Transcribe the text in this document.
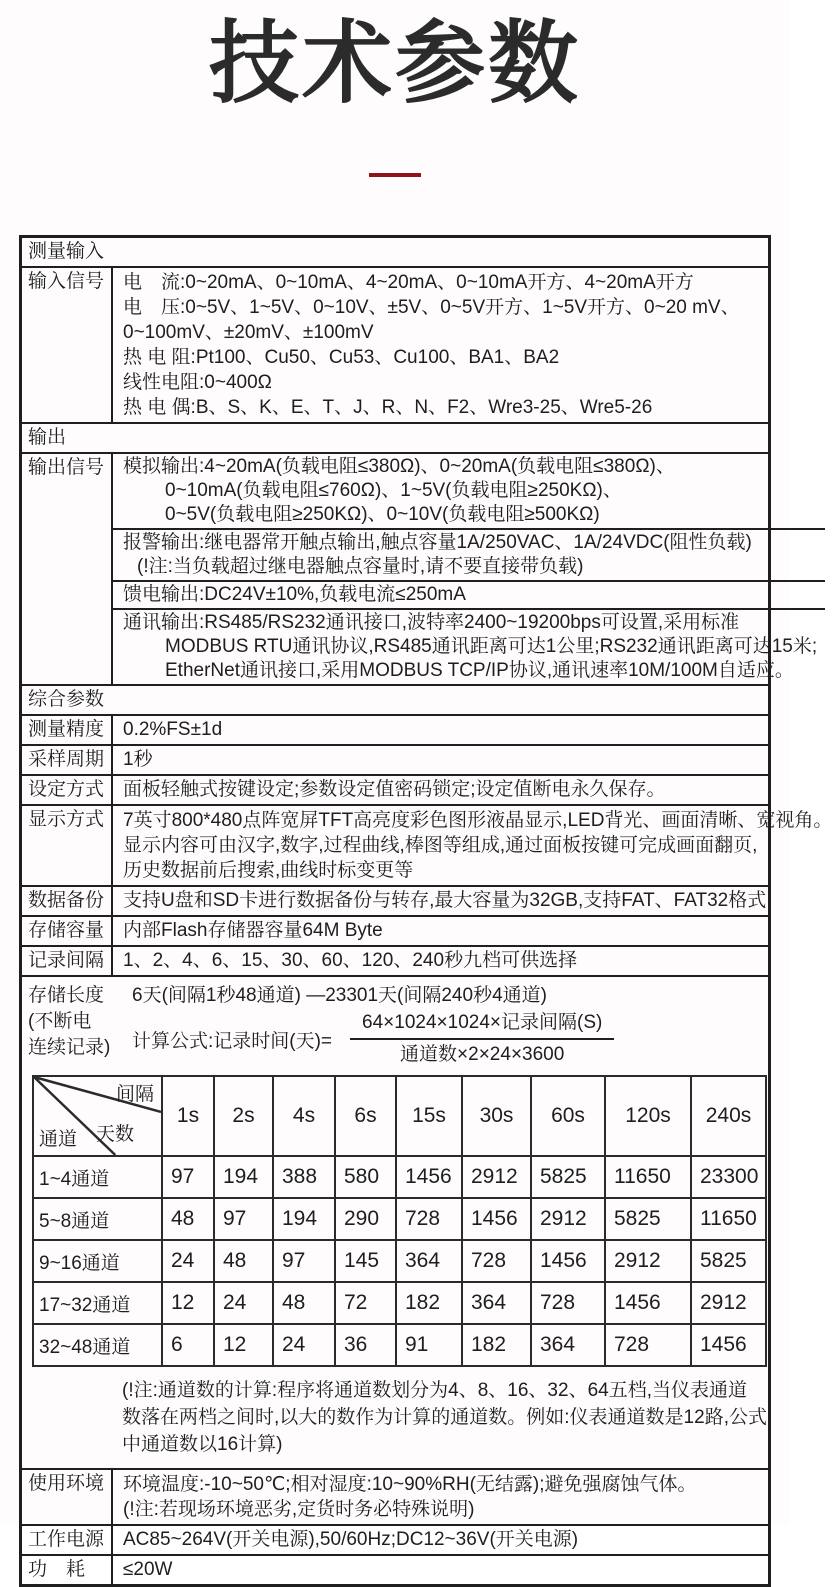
技术参数
测量输入
输入信号 电　流:0~20mA、0~10mA、4~20mA、0~10mA开方、4~20mA开方
电　压:0~5V、1~5V、0~10V、±5V、0~5V开方、1~5V开方、0~20 mV、
0~100mV、±20mV、±100mV
热 电 阻:Pt100、Cu50、Cu53、Cu100、BA1、BA2
线性电阻:0~400Ω
热 电 偶:B、S、K、E、T、J、R、N、F2、Wre3-25、Wre5-26
输出
输出信号 模拟输出:4~20mA(负载电阻≤380Ω)、0~20mA(负载电阻≤380Ω)、
0~10mA(负载电阻≤760Ω)、1~5V(负载电阻≥250KΩ)、
0~5V(负载电阻≥250KΩ)、0~10V(负载电阻≥500KΩ)
报警输出:继电器常开触点输出,触点容量1A/250VAC、1A/24VDC(阻性负载)
(!注:当负载超过继电器触点容量时,请不要直接带负载)
馈电输出:DC24V±10%,负载电流≤250mA
通讯输出:RS485/RS232通讯接口,波特率2400~19200bps可设置,采用标准
MODBUS RTU通讯协议,RS485通讯距离可达1公里;RS232通讯距离可达15米;
EtherNet通讯接口,采用MODBUS TCP/IP协议,通讯速率10M/100M自适应。
综合参数
测量精度 0.2%FS±1d
采样周期 1秒
设定方式 面板轻触式按键设定;参数设定值密码锁定;设定值断电永久保存。
显示方式 7英寸800*480点阵宽屏TFT高亮度彩色图形液晶显示,LED背光、画面清晰、宽视角。
显示内容可由汉字,数字,过程曲线,棒图等组成,通过面板按键可完成画面翻页,
历史数据前后搜索,曲线时标变更等
数据备份 支持U盘和SD卡进行数据备份与转存,最大容量为32GB,支持FAT、FAT32格式
存储容量 内部Flash存储器容量64M Byte
记录间隔 1、2、4、6、15、30、60、120、240秒九档可供选择
存储长度
(不断电
连续记录)
6天(间隔1秒48通道) —23301天(间隔240秒4通道)
计算公式:记录时间(天)= $\frac{\text{64×1024×1024×记录间隔(S)}}{\text{通道数×2×24×3600}}$
间隔
天数
通道	1s	2s	4s	6s	15s	30s	60s	120s	240s
1~4通道	97	194	388	580	1456	2912	5825	11650	23300
5~8通道	48	97	194	290	728	1456	2912	5825	11650
9~16通道	24	48	97	145	364	728	1456	2912	5825
17~32通道	12	24	48	72	182	364	728	1456	2912
32~48通道	6	12	24	36	91	182	364	728	1456
(!注:通道数的计算:程序将通道数划分为4、8、16、32、64五档,当仪表通道
数落在两档之间时,以大的数作为计算的通道数。例如:仪表通道数是12路,公式
中通道数以16计算)
使用环境 环境温度:-10~50℃;相对湿度:10~90%RH(无结露);避免强腐蚀气体。
(!注:若现场环境恶劣,定货时务必特殊说明)
工作电源 AC85~264V(开关电源),50/60Hz;DC12~36V(开关电源)
功　耗	≤20W
